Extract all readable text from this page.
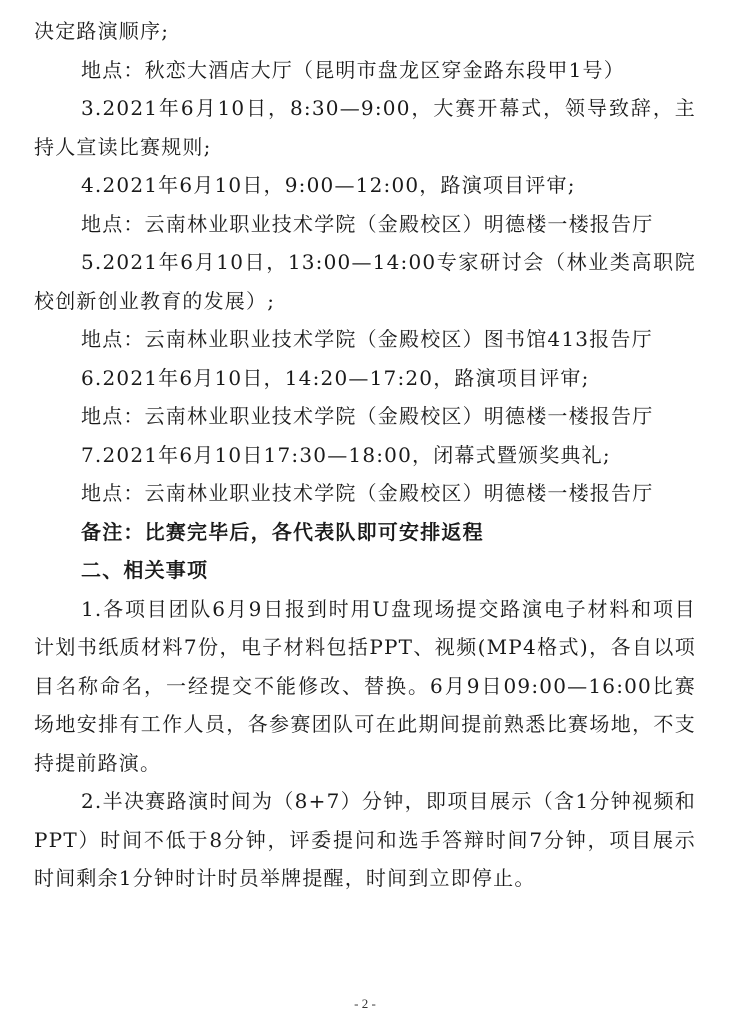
决定路演顺序;

地点：秋恋大酒店大厅（昆明市盘龙区穿金路东段甲1号）

3.2021年6月10日，8:30—9:00，大赛开幕式，领导致辞，主持人宣读比赛规则;

4.2021年6月10日，9:00—12:00，路演项目评审;

地点：云南林业职业技术学院（金殿校区）明德楼一楼报告厅

5.2021年6月10日，13:00—14:00专家研讨会（林业类高职院校创新创业教育的发展）;

地点：云南林业职业技术学院（金殿校区）图书馆413报告厅

6.2021年6月10日，14:20—17:20，路演项目评审;

地点：云南林业职业技术学院（金殿校区）明德楼一楼报告厅

7.2021年6月10日17:30—18:00，闭幕式暨颁奖典礼;

地点：云南林业职业技术学院（金殿校区）明德楼一楼报告厅

备注：比赛完毕后，各代表队即可安排返程

二、相关事项

1.各项目团队6月9日报到时用U盘现场提交路演电子材料和项目计划书纸质材料7份，电子材料包括PPT、视频(MP4格式)，各自以项目名称命名，一经提交不能修改、替换。6月9日09:00—16:00比赛场地安排有工作人员，各参赛团队可在此期间提前熟悉比赛场地，不支持提前路演。

2.半决赛路演时间为（8+7）分钟，即项目展示（含1分钟视频和PPT）时间不低于8分钟，评委提问和选手答辩时间7分钟，项目展示时间剩余1分钟时计时员举牌提醒，时间到立即停止。

- 2 -
